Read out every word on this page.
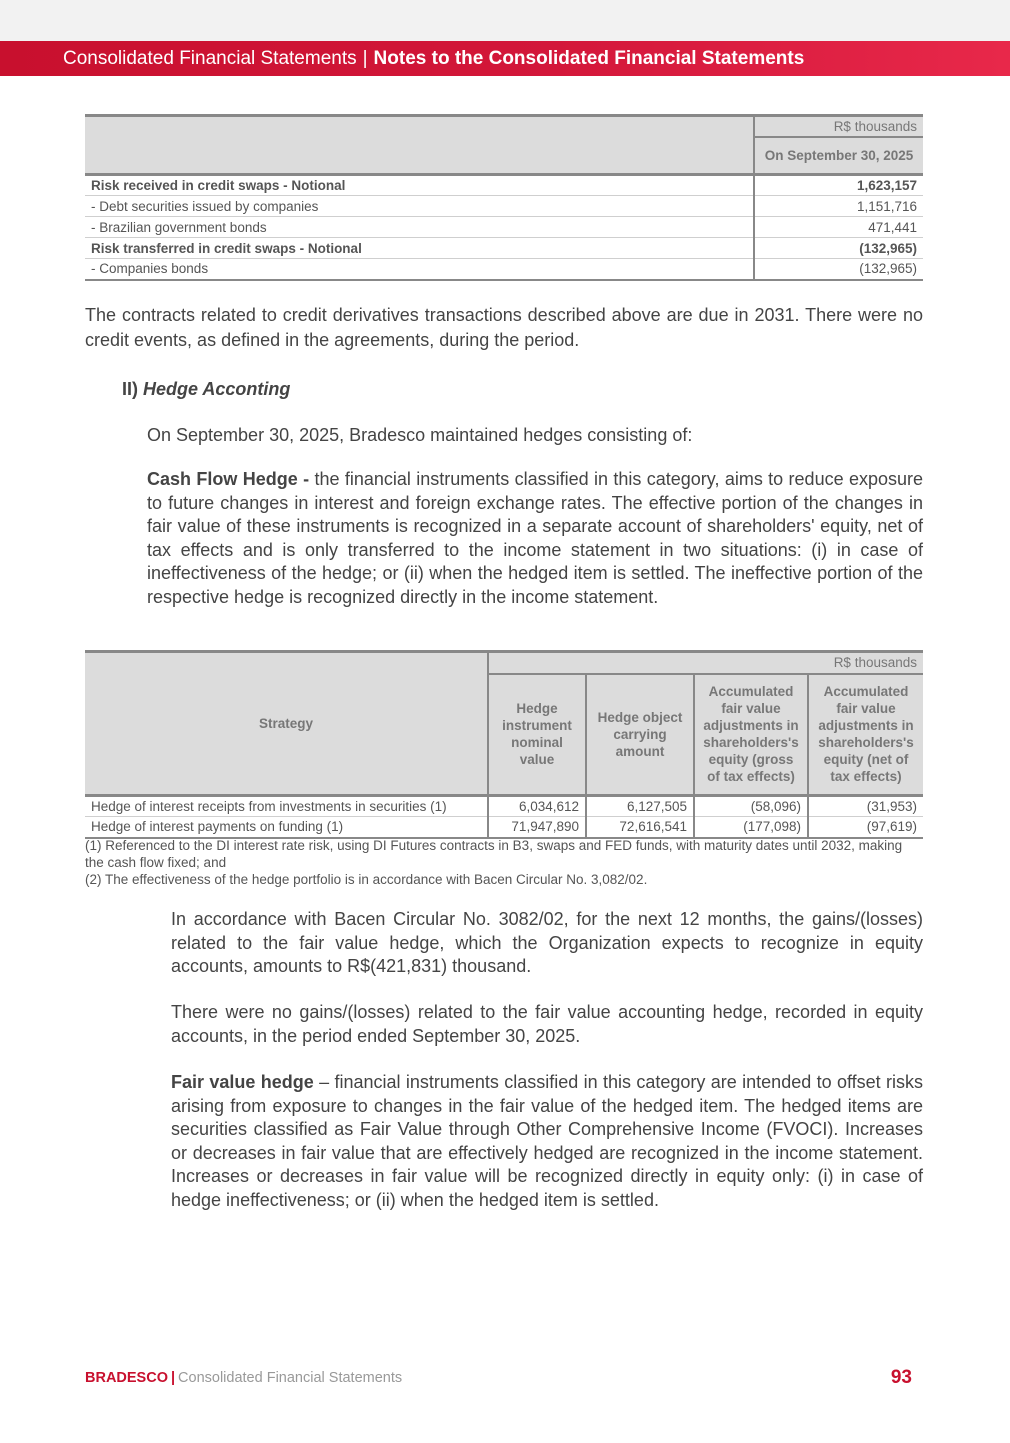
Consolidated Financial Statements | Notes to the Consolidated Financial Statements
	R$ thousands
	On September 30, 2025
Risk received in credit swaps - Notional	1,623,157
- Debt securities issued by companies	1,151,716
- Brazilian government bonds	471,441
Risk transferred in credit swaps - Notional	(132,965)
- Companies bonds	(132,965)

The contracts related to credit derivatives transactions described above are due in 2031. There were no credit events, as defined in the agreements, during the period.

II) Hedge Acconting

On September 30, 2025, Bradesco maintained hedges consisting of:

Cash Flow Hedge - the financial instruments classified in this category, aims to reduce exposure to future changes in interest and foreign exchange rates. The effective portion of the changes in fair value of these instruments is recognized in a separate account of shareholders' equity, net of tax effects and is only transferred to the income statement in two situations: (i) in case of ineffectiveness of the hedge; or (ii) when the hedged item is settled. The ineffective portion of the respective hedge is recognized directly in the income statement.

Strategy	R$ thousands			
	Hedge instrument nominal value	Hedge object carrying amount	Accumulated fair value adjustments in shareholders's equity (gross of tax effects)	Accumulated fair value adjustments in shareholders's equity (net of tax effects)
Hedge of interest receipts from investments in securities (1)	6,034,612	6,127,505	(58,096)	(31,953)
Hedge of interest payments on funding (1)	71,947,890	72,616,541	(177,098)	(97,619)
(1) Referenced to the DI interest rate risk, using DI Futures contracts in B3, swaps and FED funds, with maturity dates until 2032, making the cash flow fixed; and
(2) The effectiveness of the hedge portfolio is in accordance with Bacen Circular No. 3,082/02.

In accordance with Bacen Circular No. 3082/02, for the next 12 months, the gains/(losses) related to the fair value hedge, which the Organization expects to recognize in equity accounts, amounts to R$(421,831) thousand.

There were no gains/(losses) related to the fair value accounting hedge, recorded in equity accounts, in the period ended September 30, 2025.

Fair value hedge – financial instruments classified in this category are intended to offset risks arising from exposure to changes in the fair value of the hedged item. The hedged items are securities classified as Fair Value through Other Comprehensive Income (FVOCI). Increases or decreases in fair value that are effectively hedged are recognized in the income statement. Increases or decreases in fair value will be recognized directly in equity only: (i) in case of hedge ineffectiveness; or (ii) when the hedged item is settled.

BRADESCO | Consolidated Financial Statements	93
